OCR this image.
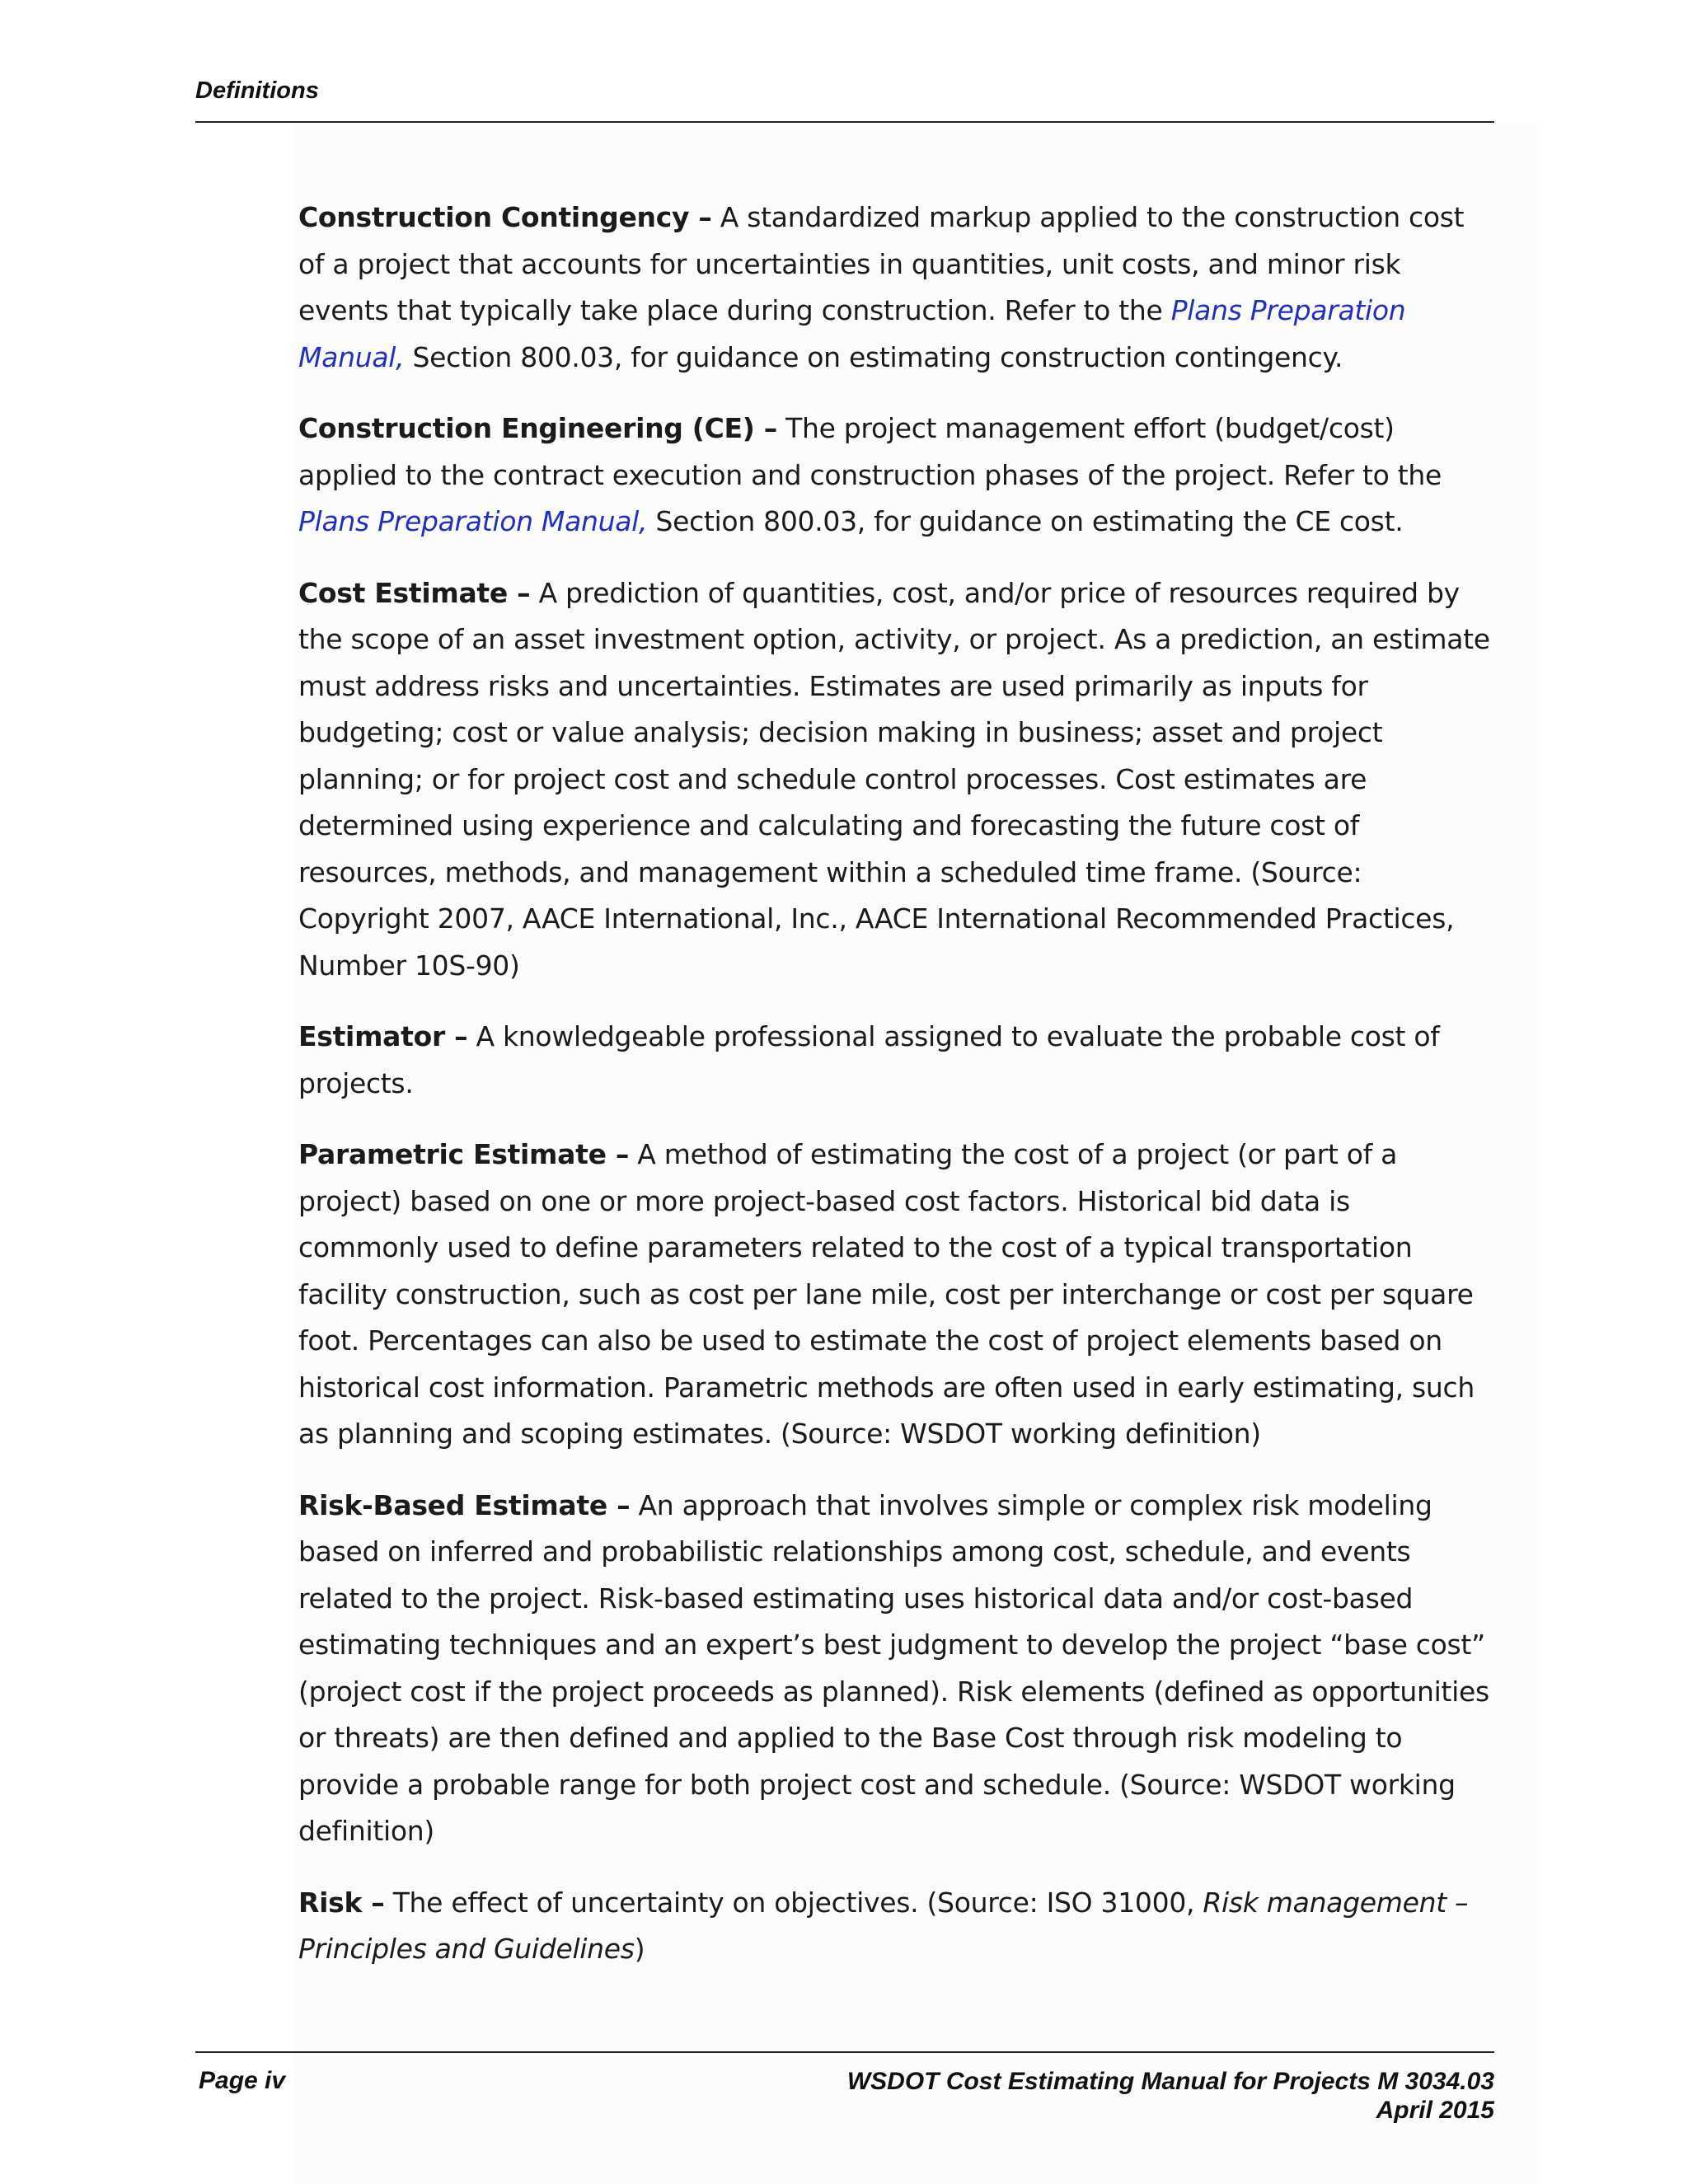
Definitions

Construction Contingency – A standardized markup applied to the construction cost of a project that accounts for uncertainties in quantities, unit costs, and minor risk events that typically take place during construction. Refer to the Plans Preparation Manual, Section 800.03, for guidance on estimating construction contingency.

Construction Engineering (CE) – The project management effort (budget/cost) applied to the contract execution and construction phases of the project. Refer to the Plans Preparation Manual, Section 800.03, for guidance on estimating the CE cost.

Cost Estimate – A prediction of quantities, cost, and/or price of resources required by the scope of an asset investment option, activity, or project. As a prediction, an estimate must address risks and uncertainties. Estimates are used primarily as inputs for budgeting; cost or value analysis; decision making in business; asset and project planning; or for project cost and schedule control processes. Cost estimates are determined using experience and calculating and forecasting the future cost of resources, methods, and management within a scheduled time frame. (Source: Copyright 2007, AACE International, Inc., AACE International Recommended Practices, Number 10S-90)

Estimator – A knowledgeable professional assigned to evaluate the probable cost of projects.

Parametric Estimate – A method of estimating the cost of a project (or part of a project) based on one or more project-based cost factors. Historical bid data is commonly used to define parameters related to the cost of a typical transportation facility construction, such as cost per lane mile, cost per interchange or cost per square foot. Percentages can also be used to estimate the cost of project elements based on historical cost information. Parametric methods are often used in early estimating, such as planning and scoping estimates. (Source: WSDOT working definition)

Risk-Based Estimate – An approach that involves simple or complex risk modeling based on inferred and probabilistic relationships among cost, schedule, and events related to the project. Risk-based estimating uses historical data and/or cost-based estimating techniques and an expert’s best judgment to develop the project “base cost” (project cost if the project proceeds as planned). Risk elements (defined as opportunities or threats) are then defined and applied to the Base Cost through risk modeling to provide a probable range for both project cost and schedule. (Source: WSDOT working definition)

Risk – The effect of uncertainty on objectives. (Source: ISO 31000, Risk management – Principles and Guidelines)

Page iv	WSDOT Cost Estimating Manual for Projects M 3034.03
April 2015
